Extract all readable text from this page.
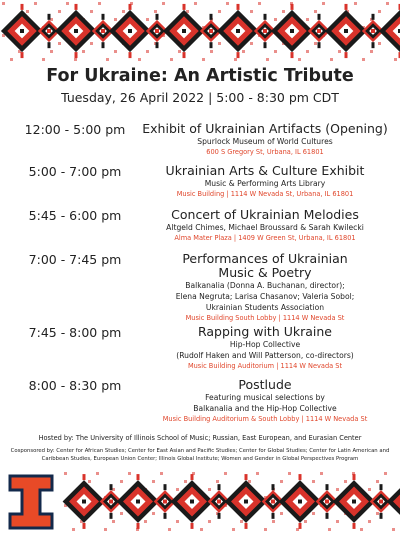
For Ukraine: An Artistic Tribute
Tuesday, 26 April 2022 | 5:00 - 8:30 pm CDT
12:00 - 5:00 pm	Exhibit of Ukrainian Artifacts (Opening)
Spurlock Museum of World Cultures
600 S Gregory St, Urbana, IL 61801
5:00 - 7:00 pm	Ukrainian Arts & Culture Exhibit
Music & Performing Arts Library
Music Building | 1114 W Nevada St, Urbana, IL 61801
5:45 - 6:00 pm	Concert of Ukrainian Melodies
Altgeld Chimes, Michael Broussard & Sarah Kwilecki
Alma Mater Plaza | 1409 W Green St, Urbana, IL 61801
7:00 - 7:45 pm	Performances of Ukrainian
Music & Poetry
Balkanalia (Donna A. Buchanan, director);
Elena Negruta; Larisa Chasanov; Valeria Sobol;
Ukrainian Students Association
Music Building South Lobby | 1114 W Nevada St
7:45 - 8:00 pm	Rapping with Ukraine
Hip-Hop Collective
(Rudolf Haken and Will Patterson, co-directors)
Music Building Auditorium | 1114 W Nevada St
8:00 - 8:30 pm	Postlude
Featuring musical selections by
Balkanalia and the Hip-Hop Collective
Music Building Auditorium & South Lobby | 1114 W Nevada St
Hosted by: The University of Illinois School of Music; Russian, East European, and Eurasian Center
Cosponsored by: Center for African Studies; Center for East Asian and Pacific Studies; Center for Global Studies; Center for Latin American and Caribbean Studies, European Union Center; Illinois Global Institute; Women and Gender in Global Perspectives Program
